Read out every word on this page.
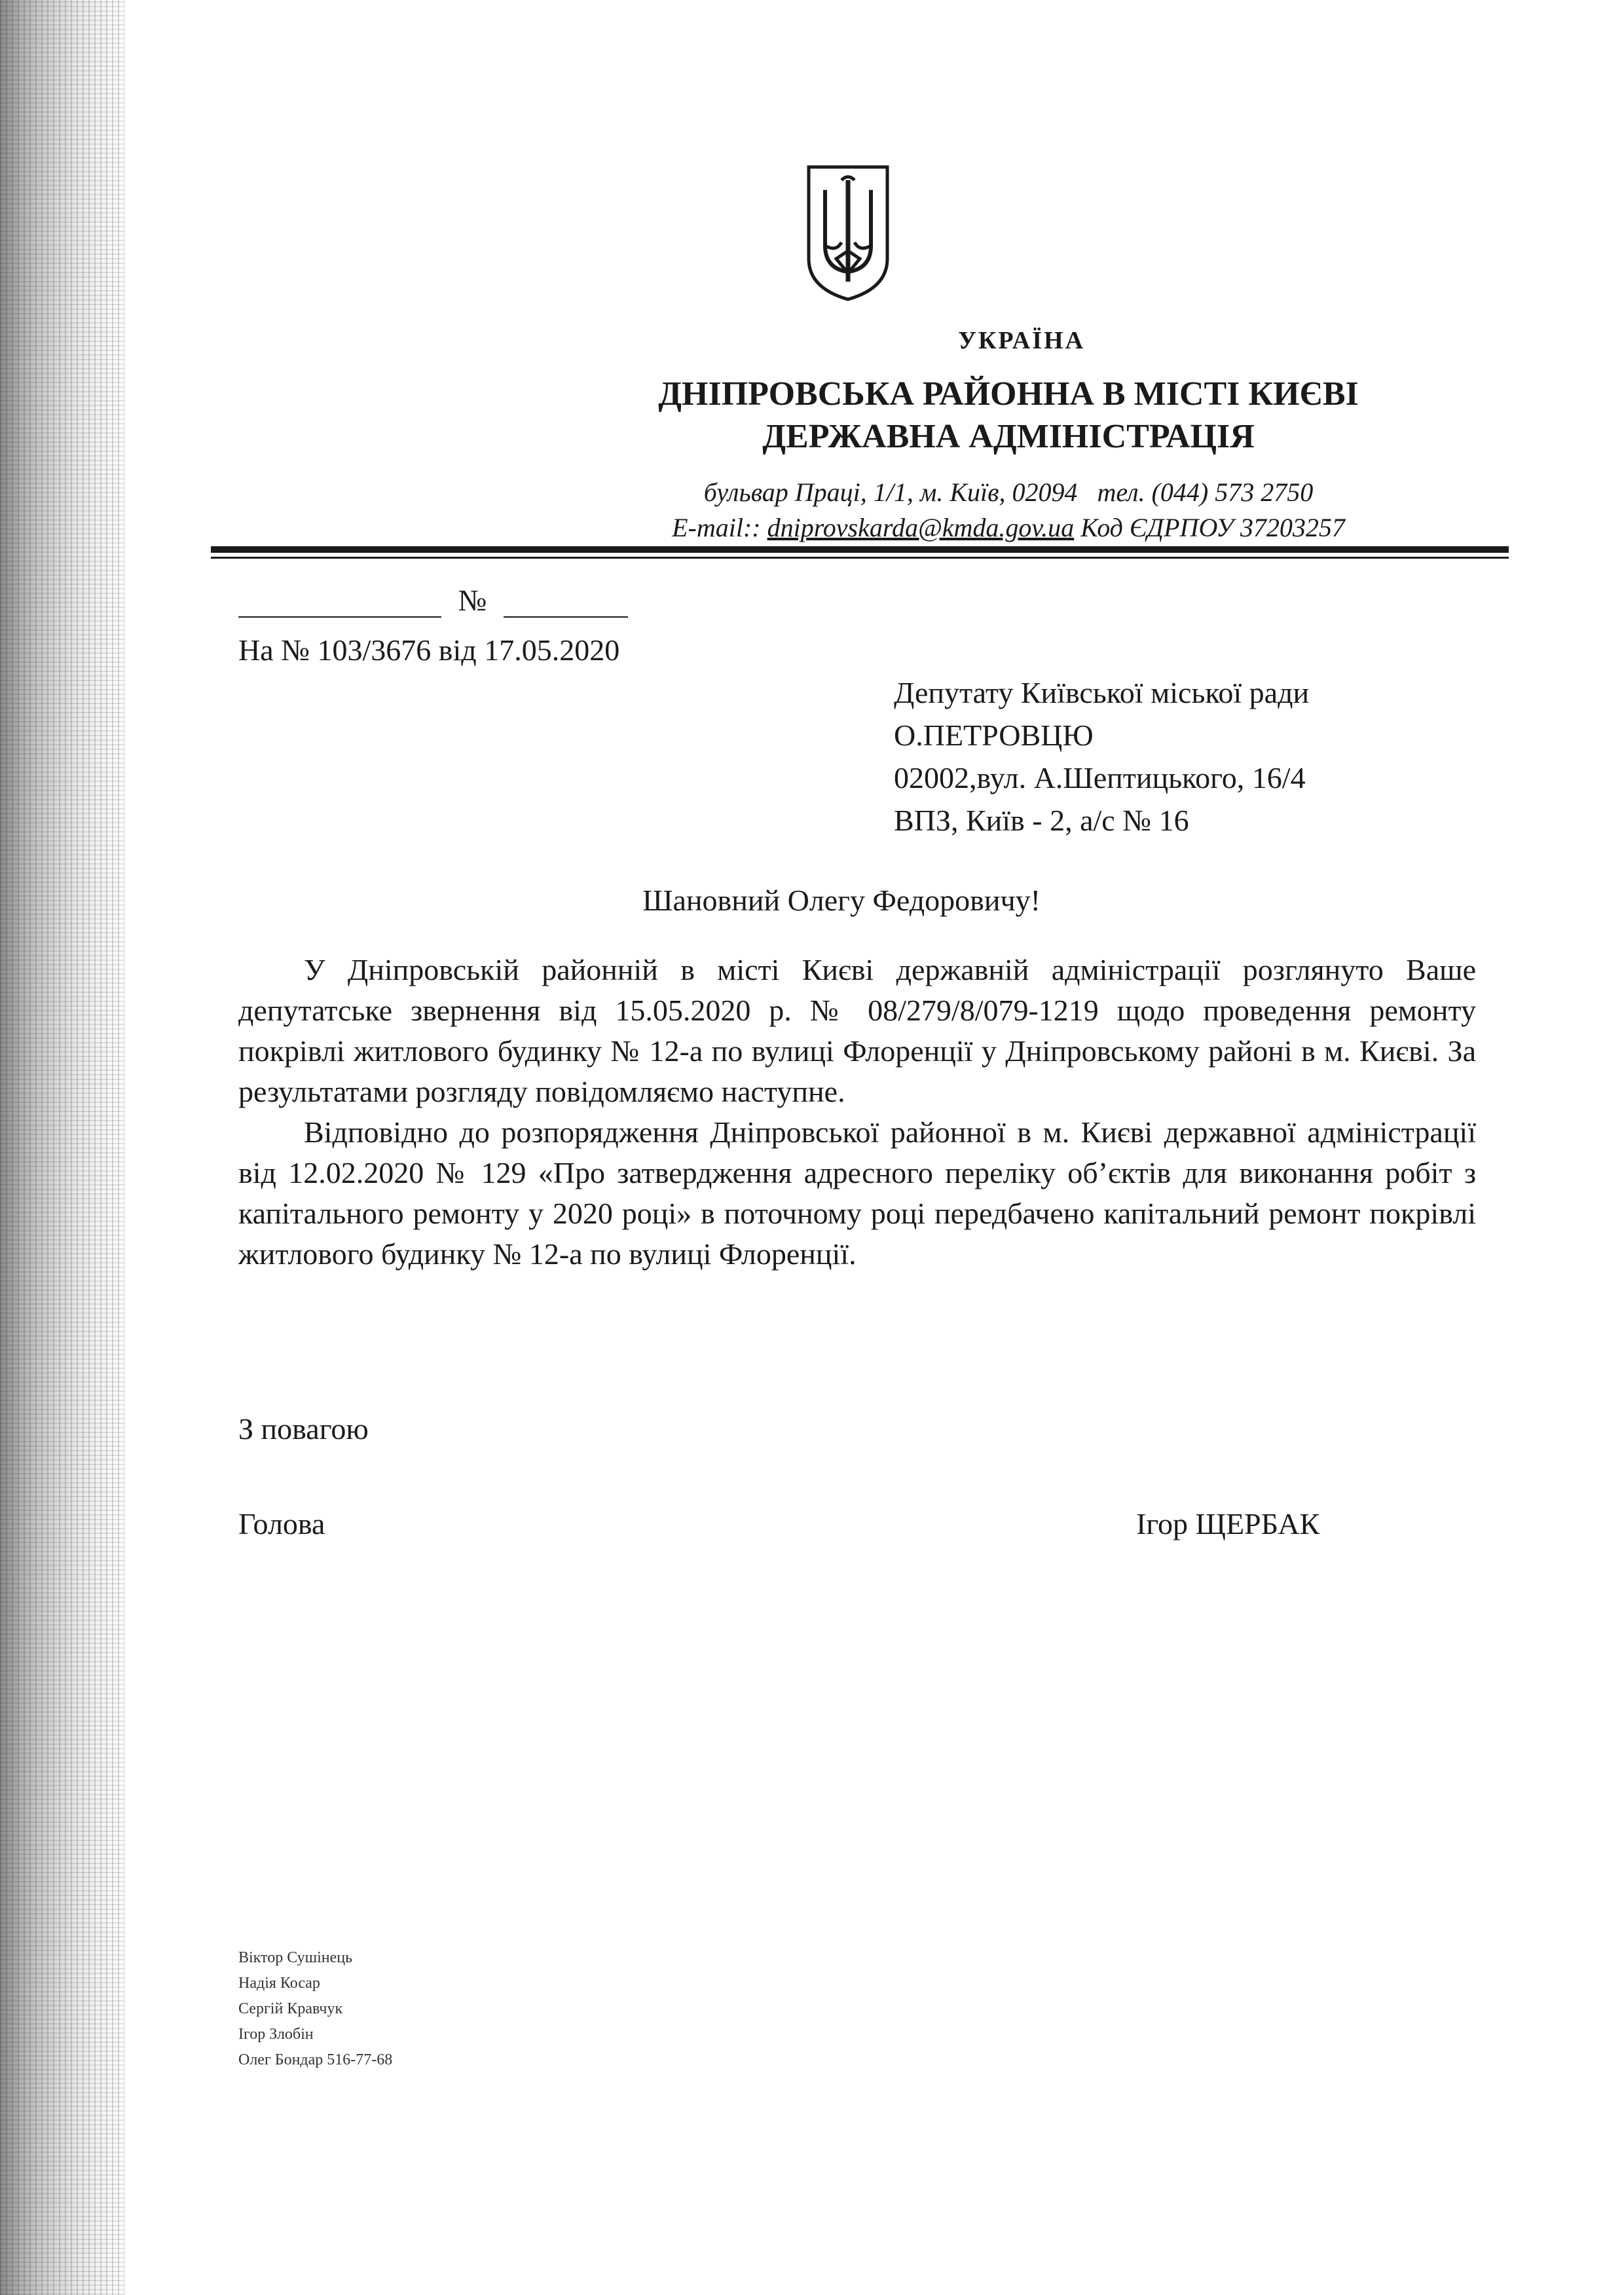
УКРАЇНА
ДНІПРОВСЬКА РАЙОННА В МІСТІ КИЄВІ
ДЕРЖАВНА АДМІНІСТРАЦІЯ
бульвар Праці, 1/1, м. Київ, 02094 тел. (044) 573 2750
E-mail:: dniprovskarda@kmda.gov.ua Код ЄДРПОУ 37203257
№
На № 103/3676 від 17.05.2020
Депутату Київської міської ради
О.ПЕТРОВЦЮ
02002,вул. А.Шептицького, 16/4
ВПЗ, Київ - 2, а/с № 16
Шановний Олегу Федоровичу!

У Дніпровській районній в місті Києві державній адміністрації розглянуто Ваше депутатське звернення від 15.05.2020 р. № 08/279/8/079-1219 щодо проведення ремонту покрівлі житлового будинку № 12-а по вулиці Флоренції у Дніпровському районі в м. Києві. За результатами розгляду повідомляємо наступне.

Відповідно до розпорядження Дніпровської районної в м. Києві державної адміністрації від 12.02.2020 № 129 «Про затвердження адресного переліку об’єктів для виконання робіт з капітального ремонту у 2020 році» в поточному році передбачено капітальний ремонт покрівлі житлового будинку № 12-а по вулиці Флоренції.

З повагою
Голова	Ігор ЩЕРБАК
Віктор Сушінець
Надія Косар
Сергій Кравчук
Ігор Злобін
Олег Бондар 516-77-68
